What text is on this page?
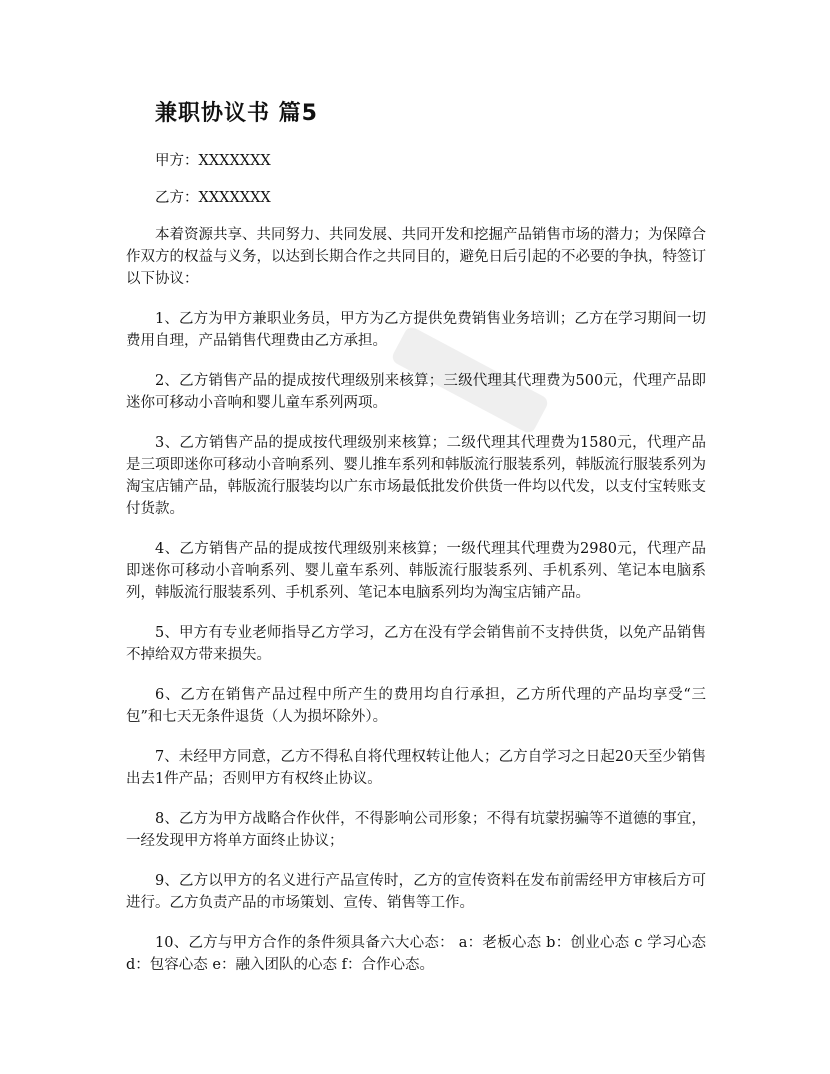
兼职协议书 篇5

甲方：XXXXXXX

乙方：XXXXXXX

本着资源共享、共同努力、共同发展、共同开发和挖掘产品销售市场的潜力；为保障合作双方的权益与义务，以达到长期合作之共同目的，避免日后引起的不必要的争执，特签订以下协议：

1、乙方为甲方兼职业务员，甲方为乙方提供免费销售业务培训；乙方在学习期间一切费用自理，产品销售代理费由乙方承担。

2、乙方销售产品的提成按代理级别来核算；三级代理其代理费为500元，代理产品即迷你可移动小音响和婴儿童车系列两项。

3、乙方销售产品的提成按代理级别来核算；二级代理其代理费为1580元，代理产品是三项即迷你可移动小音响系列、婴儿推车系列和韩版流行服装系列，韩版流行服装系列为淘宝店铺产品，韩版流行服装均以广东市场最低批发价供货一件均以代发，以支付宝转账支付货款。

4、乙方销售产品的提成按代理级别来核算；一级代理其代理费为2980元，代理产品即迷你可移动小音响系列、婴儿童车系列、韩版流行服装系列、手机系列、笔记本电脑系列，韩版流行服装系列、手机系列、笔记本电脑系列均为淘宝店铺产品。

5、甲方有专业老师指导乙方学习，乙方在没有学会销售前不支持供货，以免产品销售不掉给双方带来损失。

6、乙方在销售产品过程中所产生的费用均自行承担，乙方所代理的产品均享受“三包”和七天无条件退货（人为损坏除外）。

7、未经甲方同意，乙方不得私自将代理权转让他人；乙方自学习之日起20天至少销售出去1件产品；否则甲方有权终止协议。

8、乙方为甲方战略合作伙伴，不得影响公司形象；不得有坑蒙拐骗等不道德的事宜，一经发现甲方将单方面终止协议；

9、乙方以甲方的名义进行产品宣传时，乙方的宣传资料在发布前需经甲方审核后方可进行。乙方负责产品的市场策划、宣传、销售等工作。

10、乙方与甲方合作的条件须具备六大心态： a：老板心态 b：创业心态 c 学习心态 d：包容心态 e：融入团队的心态 f：合作心态。
